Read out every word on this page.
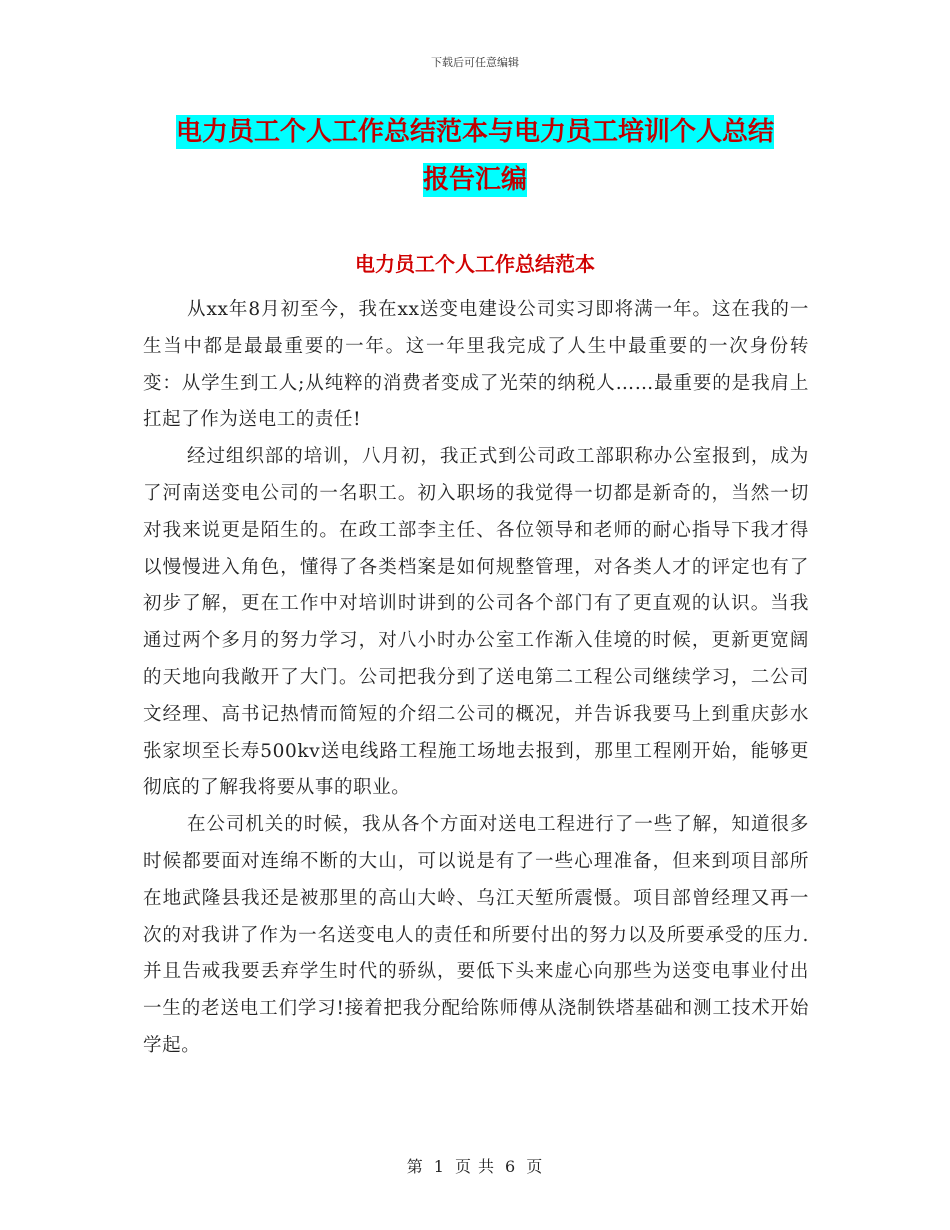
下载后可任意编辑
电力员工个人工作总结范本与电力员工培训个人总结
报告汇编
电力员工个人工作总结范本

从xx年8月初至今，我在xx送变电建设公司实习即将满一年。这在我的一生当中都是最最重要的一年。这一年里我完成了人生中最重要的一次身份转变：从学生到工人;从纯粹的消费者变成了光荣的纳税人……最重要的是我肩上扛起了作为送电工的责任!

经过组织部的培训，八月初，我正式到公司政工部职称办公室报到，成为了河南送变电公司的一名职工。初入职场的我觉得一切都是新奇的，当然一切对我来说更是陌生的。在政工部李主任、各位领导和老师的耐心指导下我才得以慢慢进入角色，懂得了各类档案是如何规整管理，对各类人才的评定也有了初步了解，更在工作中对培训时讲到的公司各个部门有了更直观的认识。当我通过两个多月的努力学习，对八小时办公室工作渐入佳境的时候，更新更宽阔的天地向我敞开了大门。公司把我分到了送电第二工程公司继续学习，二公司文经理、高书记热情而简短的介绍二公司的概况，并告诉我要马上到重庆彭水张家坝至长寿500kv送电线路工程施工场地去报到，那里工程刚开始，能够更彻底的了解我将要从事的职业。

在公司机关的时候，我从各个方面对送电工程进行了一些了解，知道很多时候都要面对连绵不断的大山，可以说是有了一些心理准备，但来到项目部所在地武隆县我还是被那里的高山大岭、乌江天堑所震慑。项目部曾经理又再一次的对我讲了作为一名送变电人的责任和所要付出的努力以及所要承受的压力.并且告戒我要丢弃学生时代的骄纵，要低下头来虚心向那些为送变电事业付出一生的老送电工们学习!接着把我分配给陈师傅从浇制铁塔基础和测工技术开始学起。

第 1 页 共 6 页
